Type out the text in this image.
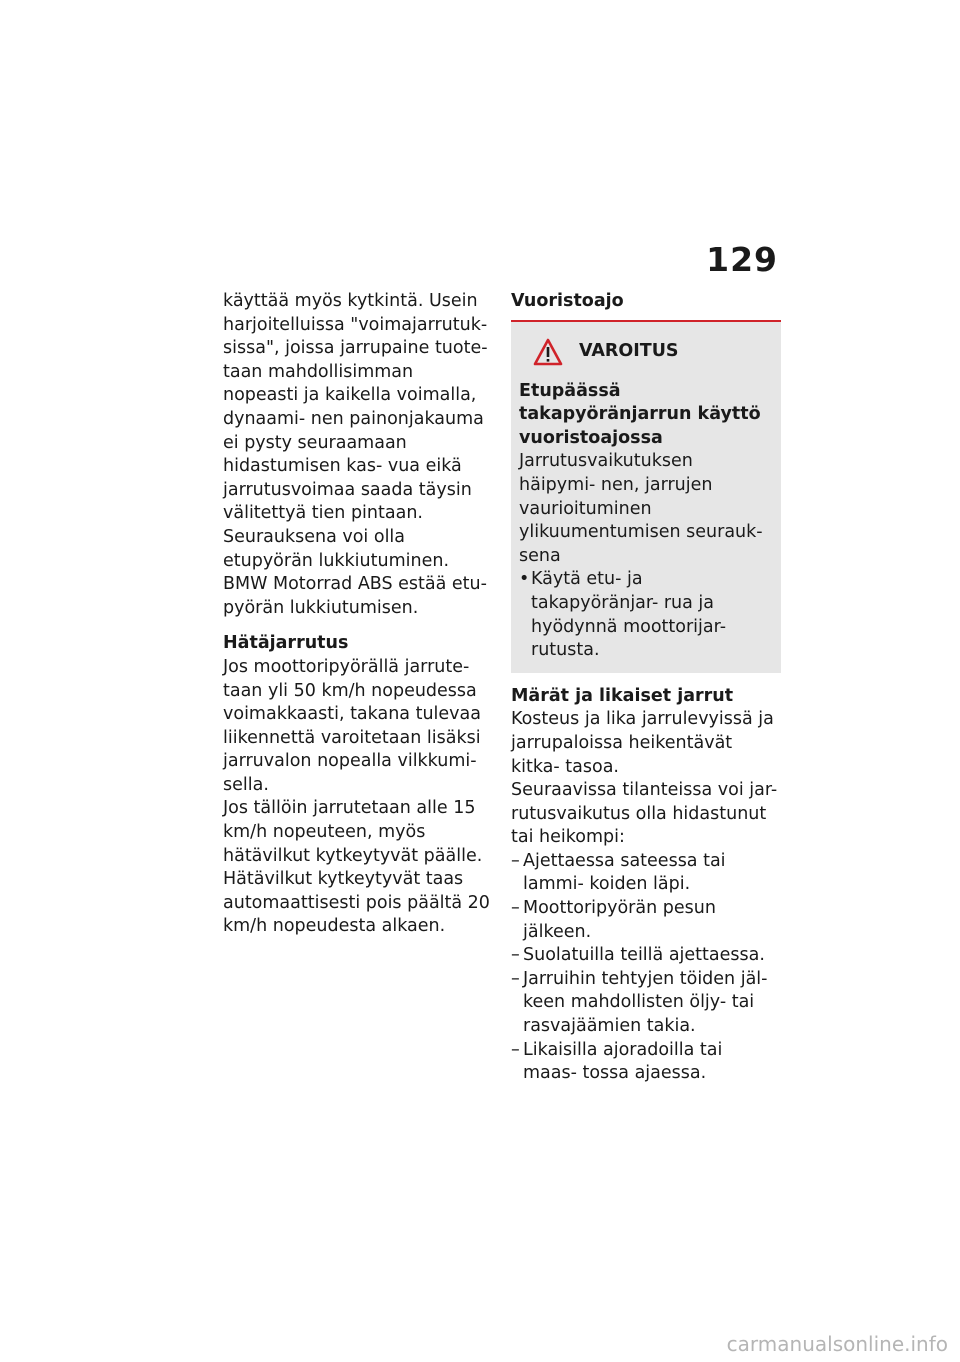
129

käyttää myös kytkintä. Usein harjoitelluissa "voimajarrutuk- sissa", joissa jarrupaine tuote- taan mahdollisimman nopeasti ja kaikella voimalla, dynaami- nen painonjakauma ei pysty seuraamaan hidastumisen kas- vua eikä jarrutusvoimaa saada täysin välitettyä tien pintaan. Seurauksena voi olla etupyörän lukkiutuminen.

BMW Motorrad ABS estää etu- pyörän lukkiutumisen.

Hätäjarrutus

Jos moottoripyörällä jarrute- taan yli 50 km/h nopeudessa voimakkaasti, takana tulevaa liikennettä varoitetaan lisäksi jarruvalon nopealla vilkkumi- sella.

Jos tällöin jarrutetaan alle 15 km/h nopeuteen, myös hätävilkut kytkeytyvät päälle.

Hätävilkut kytkeytyvät taas automaattisesti pois päältä 20 km/h nopeudesta alkaen.

Vuoristoajo

VAROITUS

Etupäässä takapyöränjarrun käyttö vuoristoajossa

Jarrutusvaikutuksen häipymi- nen, jarrujen vaurioituminen ylikuumentumisen seurauk- sena

• Käytä etu- ja takapyöränjar- rua ja hyödynnä moottorijar- rutusta.

Märät ja likaiset jarrut

Kosteus ja lika jarrulevyissä ja jarrupaloissa heikentävät kitka- tasoa.

Seuraavissa tilanteissa voi jar- rutusvaikutus olla hidastunut tai heikompi:

– Ajettaessa sateessa tai lammi- koiden läpi.
– Moottoripyörän pesun jälkeen.
– Suolatuilla teillä ajettaessa.
– Jarruihin tehtyjen töiden jäl- keen mahdollisten öljy- tai rasvajäämien takia.
– Likaisilla ajoradoilla tai maas- tossa ajaessa.
carmanualsonline.info
